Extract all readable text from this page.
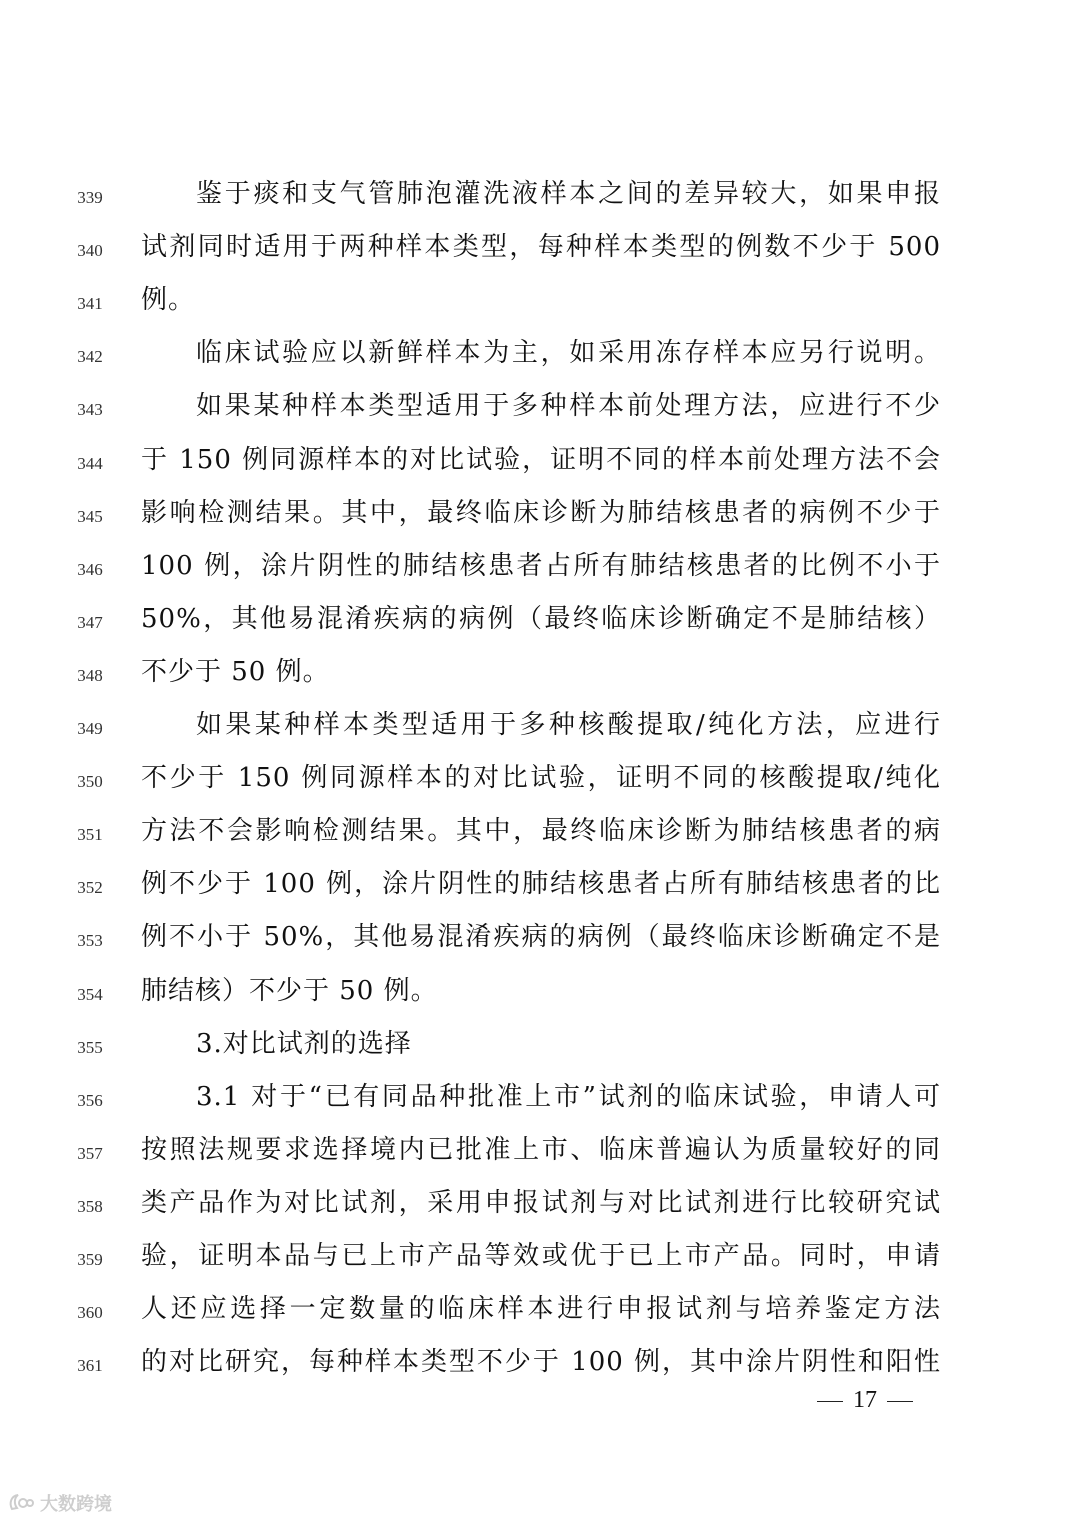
339	鉴于痰和支气管肺泡灌洗液样本之间的差异较大，如果申报
340	试剂同时适用于两种样本类型，每种样本类型的例数不少于 500
341	例。
342	临床试验应以新鲜样本为主，如采用冻存样本应另行说明。
343	如果某种样本类型适用于多种样本前处理方法，应进行不少
344	于 150 例同源样本的对比试验，证明不同的样本前处理方法不会
345	影响检测结果。其中，最终临床诊断为肺结核患者的病例不少于
346	100 例，涂片阴性的肺结核患者占所有肺结核患者的比例不小于
347	50%，其他易混淆疾病的病例（最终临床诊断确定不是肺结核）
348	不少于 50 例。
349	如果某种样本类型适用于多种核酸提取/纯化方法，应进行
350	不少于 150 例同源样本的对比试验，证明不同的核酸提取/纯化
351	方法不会影响检测结果。其中，最终临床诊断为肺结核患者的病
352	例不少于 100 例，涂片阴性的肺结核患者占所有肺结核患者的比
353	例不小于 50%，其他易混淆疾病的病例（最终临床诊断确定不是
354	肺结核）不少于 50 例。
355	3.对比试剂的选择
356	3.1 对于“已有同品种批准上市”试剂的临床试验，申请人可
357	按照法规要求选择境内已批准上市、临床普遍认为质量较好的同
358	类产品作为对比试剂，采用申报试剂与对比试剂进行比较研究试
359	验，证明本品与已上市产品等效或优于已上市产品。同时，申请
360	人还应选择一定数量的临床样本进行申报试剂与培养鉴定方法
361	的对比研究，每种样本类型不少于 100 例，其中涂片阴性和阳性
17
大数跨境
